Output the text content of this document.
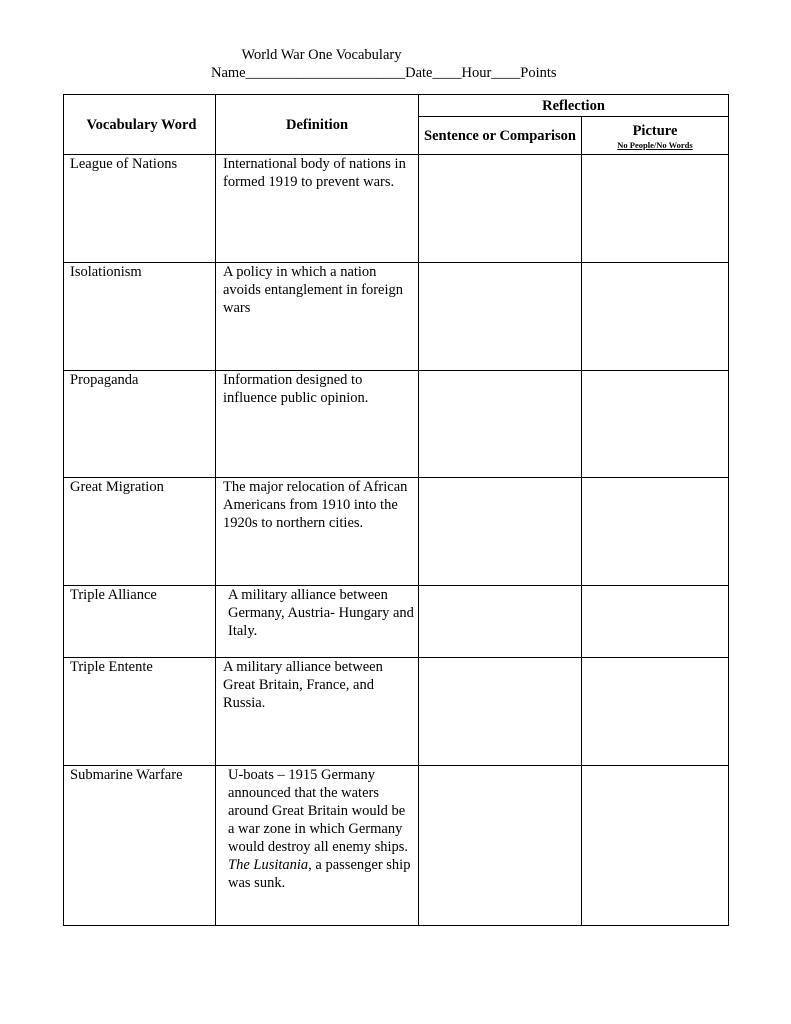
World War One Vocabulary
Name______________________Date____Hour____Points
Vocabulary Word	Definition	Reflection	
		Sentence or Comparison	Picture
No People/No Words

League of Nations	International body of nations in formed 1919 to prevent wars.		
Isolationism	A policy in which a nation avoids entanglement in foreign wars		
Propaganda	Information designed to influence public opinion.		
Great Migration	The major relocation of African Americans from 1910 into the 1920s to northern cities.		
Triple Alliance	A military alliance between Germany, Austria- Hungary and Italy.		
Triple Entente	A military alliance between Great Britain, France, and Russia.		
Submarine Warfare	U-boats – 1915 Germany announced that the waters around Great Britain would be a war zone in which Germany would destroy all enemy ships.
The Lusitania, a passenger ship was sunk.		
